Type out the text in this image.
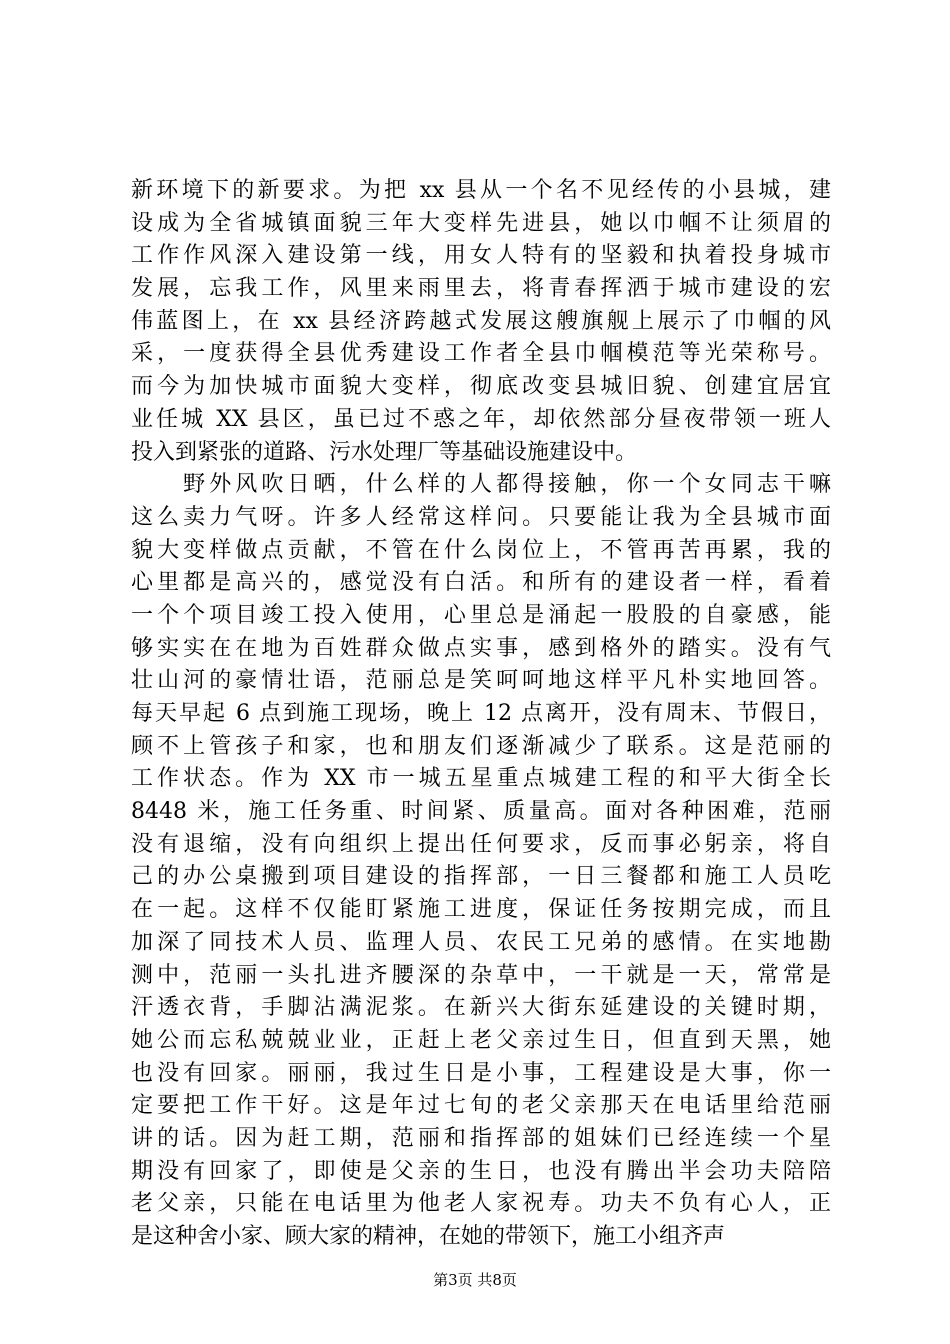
新环境下的新要求。为把 xx 县从一个名不见经传的小县城，建
设成为全省城镇面貌三年大变样先进县，她以巾帼不让须眉的
工作作风深入建设第一线，用女人特有的坚毅和执着投身城市
发展，忘我工作，风里来雨里去，将青春挥洒于城市建设的宏
伟蓝图上，在 xx 县经济跨越式发展这艘旗舰上展示了巾帼的风
采，一度获得全县优秀建设工作者全县巾帼模范等光荣称号。
而今为加快城市面貌大变样，彻底改变县城旧貌、创建宜居宜
业任城 XX 县区，虽已过不惑之年，却依然部分昼夜带领一班人
投入到紧张的道路、污水处理厂等基础设施建设中。
　　野外风吹日晒，什么样的人都得接触，你一个女同志干嘛
这么卖力气呀。许多人经常这样问。只要能让我为全县城市面
貌大变样做点贡献，不管在什么岗位上，不管再苦再累，我的
心里都是高兴的，感觉没有白活。和所有的建设者一样，看着
一个个项目竣工投入使用，心里总是涌起一股股的自豪感，能
够实实在在地为百姓群众做点实事，感到格外的踏实。没有气
壮山河的豪情壮语，范丽总是笑呵呵地这样平凡朴实地回答。
每天早起 6 点到施工现场，晚上 12 点离开，没有周末、节假日，
顾不上管孩子和家，也和朋友们逐渐减少了联系。这是范丽的
工作状态。作为 XX 市一城五星重点城建工程的和平大街全长
8448 米，施工任务重、时间紧、质量高。面对各种困难，范丽
没有退缩，没有向组织上提出任何要求，反而事必躬亲，将自
己的办公桌搬到项目建设的指挥部，一日三餐都和施工人员吃
在一起。这样不仅能盯紧施工进度，保证任务按期完成，而且
加深了同技术人员、监理人员、农民工兄弟的感情。在实地勘
测中，范丽一头扎进齐腰深的杂草中，一干就是一天，常常是
汗透衣背，手脚沾满泥浆。在新兴大街东延建设的关键时期，
她公而忘私兢兢业业，正赶上老父亲过生日，但直到天黑，她
也没有回家。丽丽，我过生日是小事，工程建设是大事，你一
定要把工作干好。这是年过七旬的老父亲那天在电话里给范丽
讲的话。因为赶工期，范丽和指挥部的姐妹们已经连续一个星
期没有回家了，即使是父亲的生日，也没有腾出半会功夫陪陪
老父亲，只能在电话里为他老人家祝寿。功夫不负有心人，正
是这种舍小家、顾大家的精神，在她的带领下，施工小组齐声
第3页 共8页
